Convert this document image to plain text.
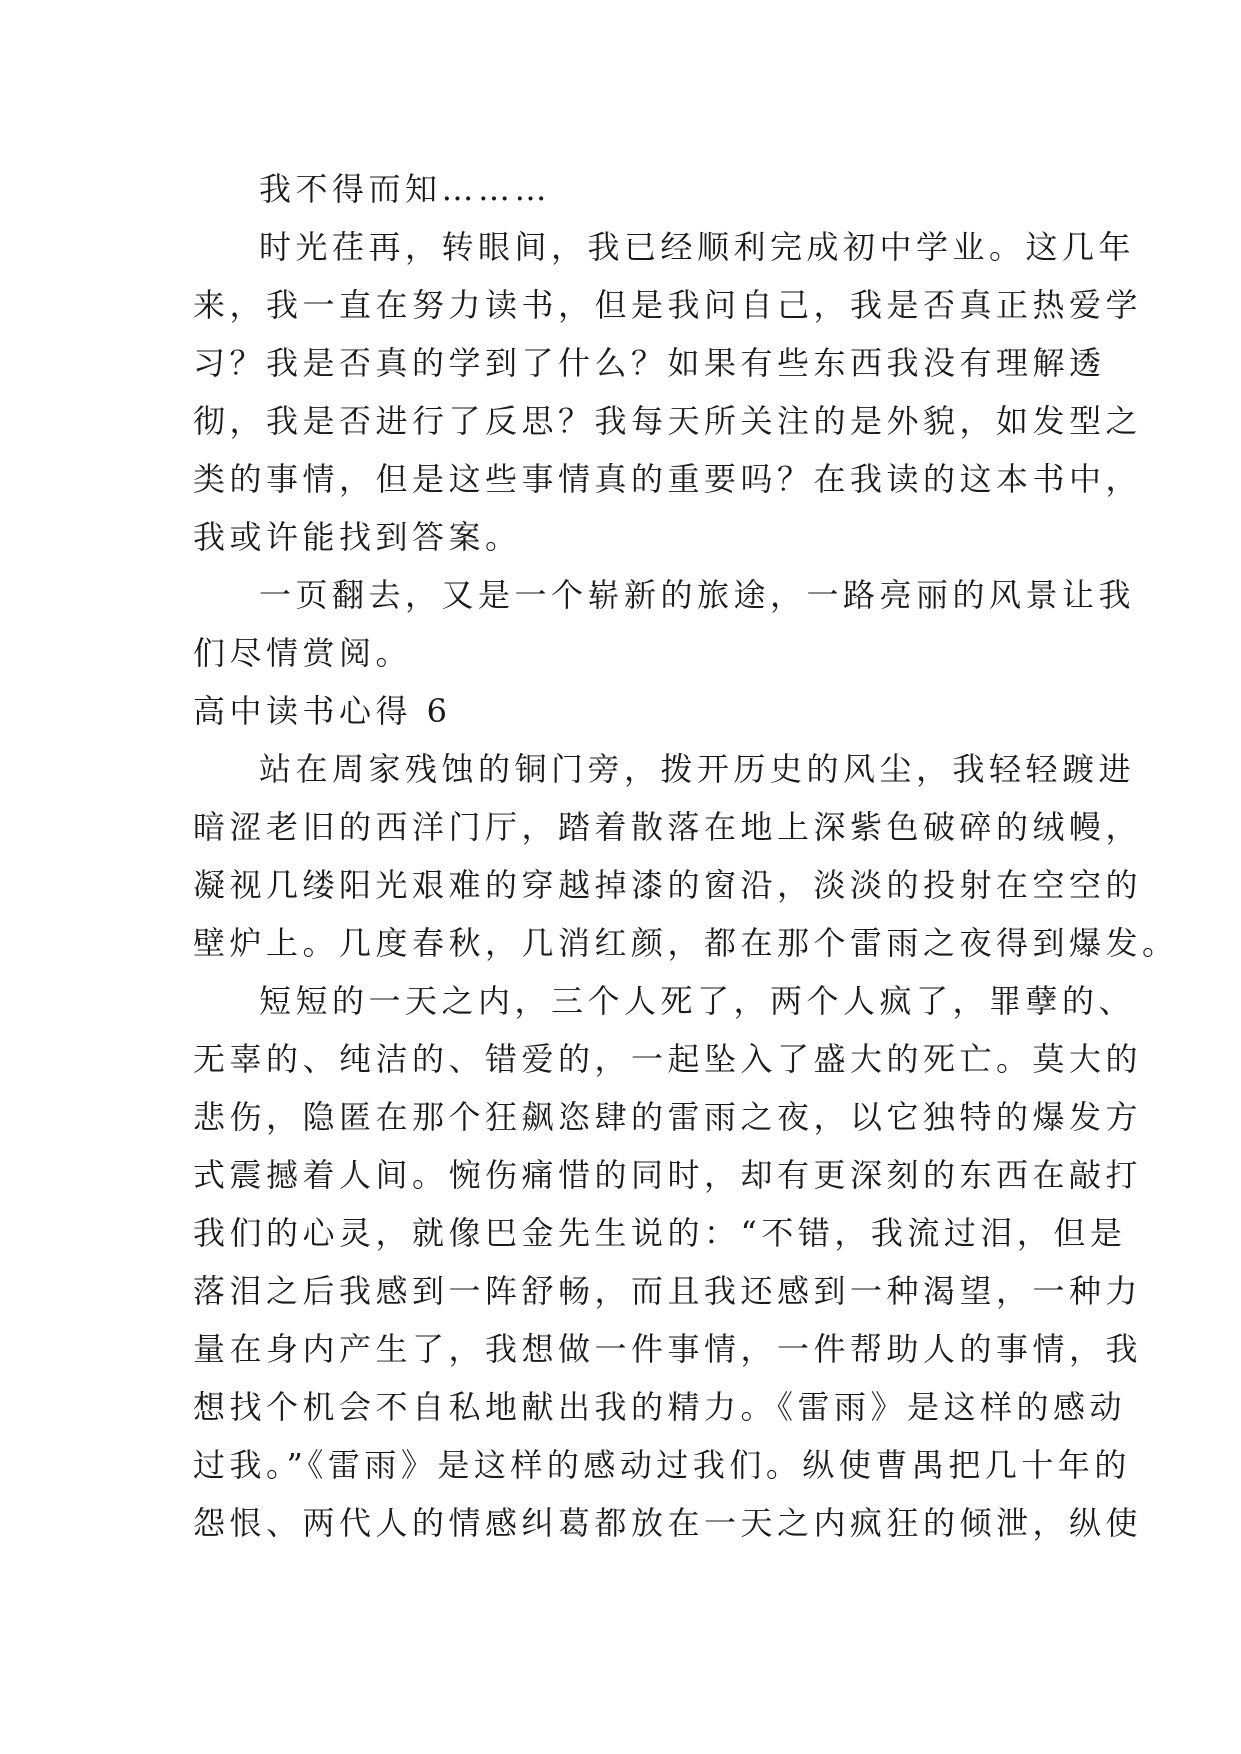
我不得而知………
时光荏再，转眼间，我已经顺利完成初中学业。这几年
来，我一直在努力读书，但是我问自己，我是否真正热爱学
习？我是否真的学到了什么？如果有些东西我没有理解透
彻，我是否进行了反思？我每天所关注的是外貌，如发型之
类的事情，但是这些事情真的重要吗？在我读的这本书中，
我或许能找到答案。
一页翻去，又是一个崭新的旅途，一路亮丽的风景让我
们尽情赏阅。
高中读书心得 6
站在周家残蚀的铜门旁，拨开历史的风尘，我轻轻踱进
暗涩老旧的西洋门厅，踏着散落在地上深紫色破碎的绒幔，
凝视几缕阳光艰难的穿越掉漆的窗沿，淡淡的投射在空空的
壁炉上。几度春秋，几消红颜，都在那个雷雨之夜得到爆发。
短短的一天之内，三个人死了，两个人疯了，罪孽的、
无辜的、纯洁的、错爱的，一起坠入了盛大的死亡。莫大的
悲伤，隐匿在那个狂飙恣肆的雷雨之夜，以它独特的爆发方
式震撼着人间。惋伤痛惜的同时，却有更深刻的东西在敲打
我们的心灵，就像巴金先生说的：“不错，我流过泪，但是
落泪之后我感到一阵舒畅，而且我还感到一种渴望，一种力
量在身内产生了，我想做一件事情，一件帮助人的事情，我
想找个机会不自私地献出我的精力。《雷雨》是这样的感动
过我。”《雷雨》是这样的感动过我们。纵使曹禺把几十年的
怨恨、两代人的情感纠葛都放在一天之内疯狂的倾泄，纵使
